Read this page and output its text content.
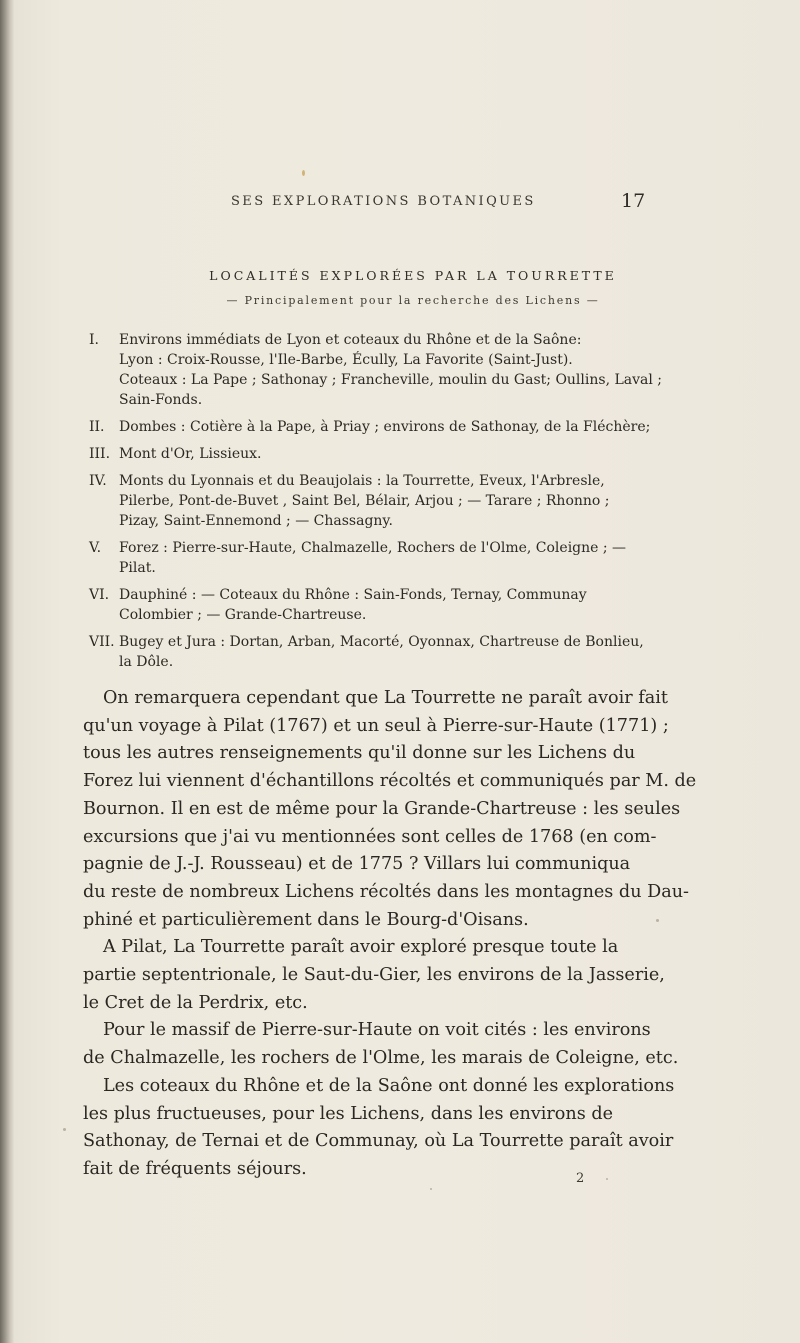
SES EXPLORATIONS BOTANIQUES	17
LOCALITÉS EXPLORÉES PAR LA TOURRETTE
— Principalement pour la recherche des Lichens —
I. Environs immédiats de Lyon et coteaux du Rhône et de la Saône:
Lyon : Croix-Rousse, l'Ile-Barbe, Écully, La Favorite (Saint-Just).
Coteaux : La Pape ; Sathonay ; Francheville, moulin du Gast; Oullins, Laval ;
Sain-Fonds.
II. Dombes : Cotière à la Pape, à Priay ; environs de Sathonay, de la Fléchère;
III. Mont d'Or, Lissieux.
IV. Monts du Lyonnais et du Beaujolais : la Tourrette, Eveux, l'Arbresle,
Pilerbe, Pont-de-Buvet , Saint Bel, Bélair, Arjou ; — Tarare ; Rhonno ;
Pizay, Saint-Ennemond ; — Chassagny.
V. Forez : Pierre-sur-Haute, Chalmazelle, Rochers de l'Olme, Coleigne ; —
Pilat.
VI. Dauphiné : — Coteaux du Rhône : Sain-Fonds, Ternay, Communay
Colombier ; — Grande-Chartreuse.
VII. Bugey et Jura : Dortan, Arban, Macorté, Oyonnax, Chartreuse de Bonlieu,
la Dôle.
On remarquera cependant que La Tourrette ne paraît avoir fait
qu'un voyage à Pilat (1767) et un seul à Pierre-sur-Haute (1771) ;
tous les autres renseignements qu'il donne sur les Lichens du
Forez lui viennent d'échantillons récoltés et communiqués par M. de
Bournon. Il en est de même pour la Grande-Chartreuse : les seules
excursions que j'ai vu mentionnées sont celles de 1768 (en com-
pagnie de J.-J. Rousseau) et de 1775 ? Villars lui communiqua
du reste de nombreux Lichens récoltés dans les montagnes du Dau-
phiné et particulièrement dans le Bourg-d'Oisans.
A Pilat, La Tourrette paraît avoir exploré presque toute la
partie septentrionale, le Saut-du-Gier, les environs de la Jasserie,
le Cret de la Perdrix, etc.
Pour le massif de Pierre-sur-Haute on voit cités : les environs
de Chalmazelle, les rochers de l'Olme, les marais de Coleigne, etc.
Les coteaux du Rhône et de la Saône ont donné les explorations
les plus fructueuses, pour les Lichens, dans les environs de
Sathonay, de Ternai et de Communay, où La Tourrette paraît avoir
fait de fréquents séjours.	2
